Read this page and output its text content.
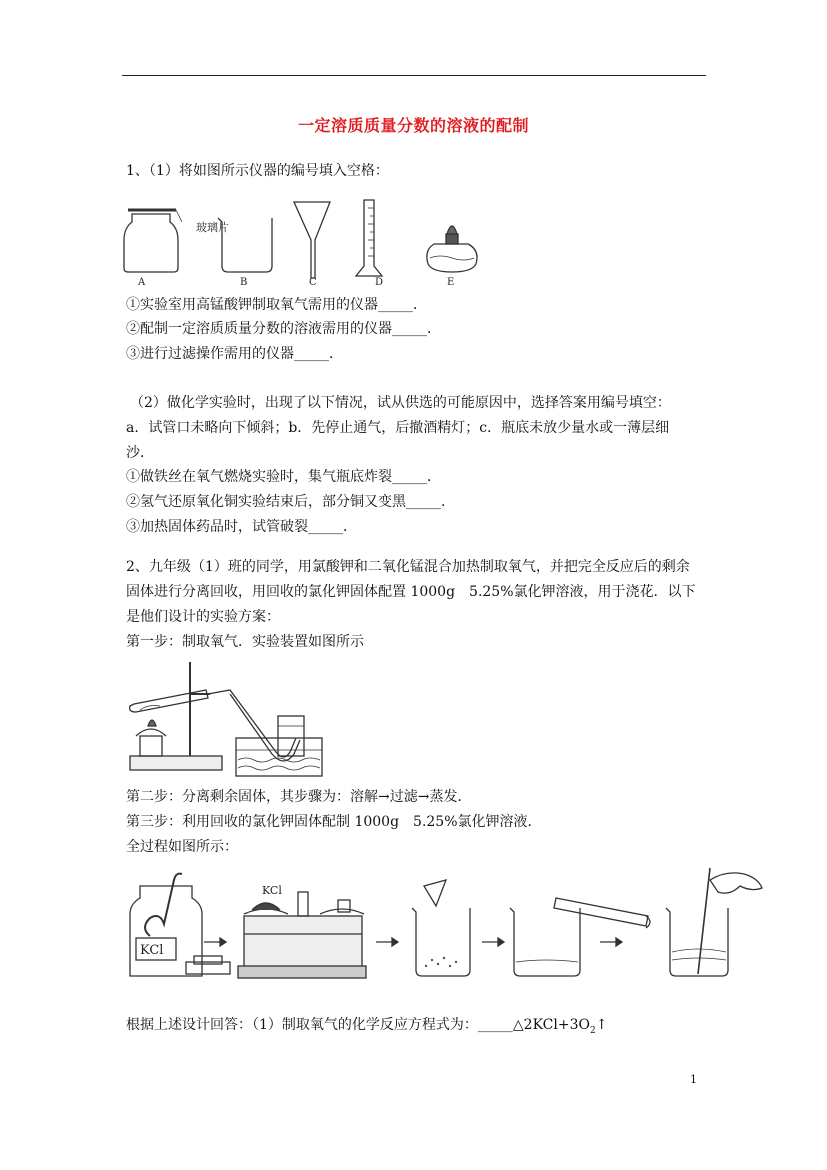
一定溶质质量分数的溶液的配制
1、（1）将如图所示仪器的编号填入空格：
玻璃片
A	B	C	D	E
①实验室用高锰酸钾制取氧气需用的仪器_____．
②配制一定溶质质量分数的溶液需用的仪器_____．
③进行过滤操作需用的仪器_____．
（2）做化学实验时，出现了以下情况，试从供选的可能原因中，选择答案用编号填空：
a．试管口未略向下倾斜；b．先停止通气，后撤酒精灯；c．瓶底未放少量水或一薄层细
沙．
①做铁丝在氧气燃烧实验时，集气瓶底炸裂_____．
②氢气还原氧化铜实验结束后，部分铜又变黑_____．
③加热固体药品时，试管破裂_____．
2、九年级（1）班的同学，用氯酸钾和二氧化锰混合加热制取氧气，并把完全反应后的剩余
固体进行分离回收，用回收的氯化钾固体配置 1000g　5.25%氯化钾溶液，用于浇花．以下
是他们设计的实验方案：
第一步：制取氧气．实验装置如图所示
第二步：分离剩余固体，其步骤为：溶解→过滤→蒸发．
第三步：利用回收的氯化钾固体配制 1000g　5.25%氯化钾溶液．
全过程如图所示：
KCl
KCl
根据上述设计回答：（1）制取氧气的化学反应方程式为：$\_\_\_\_\_\triangle 2KCl+3O_2↑$
1
